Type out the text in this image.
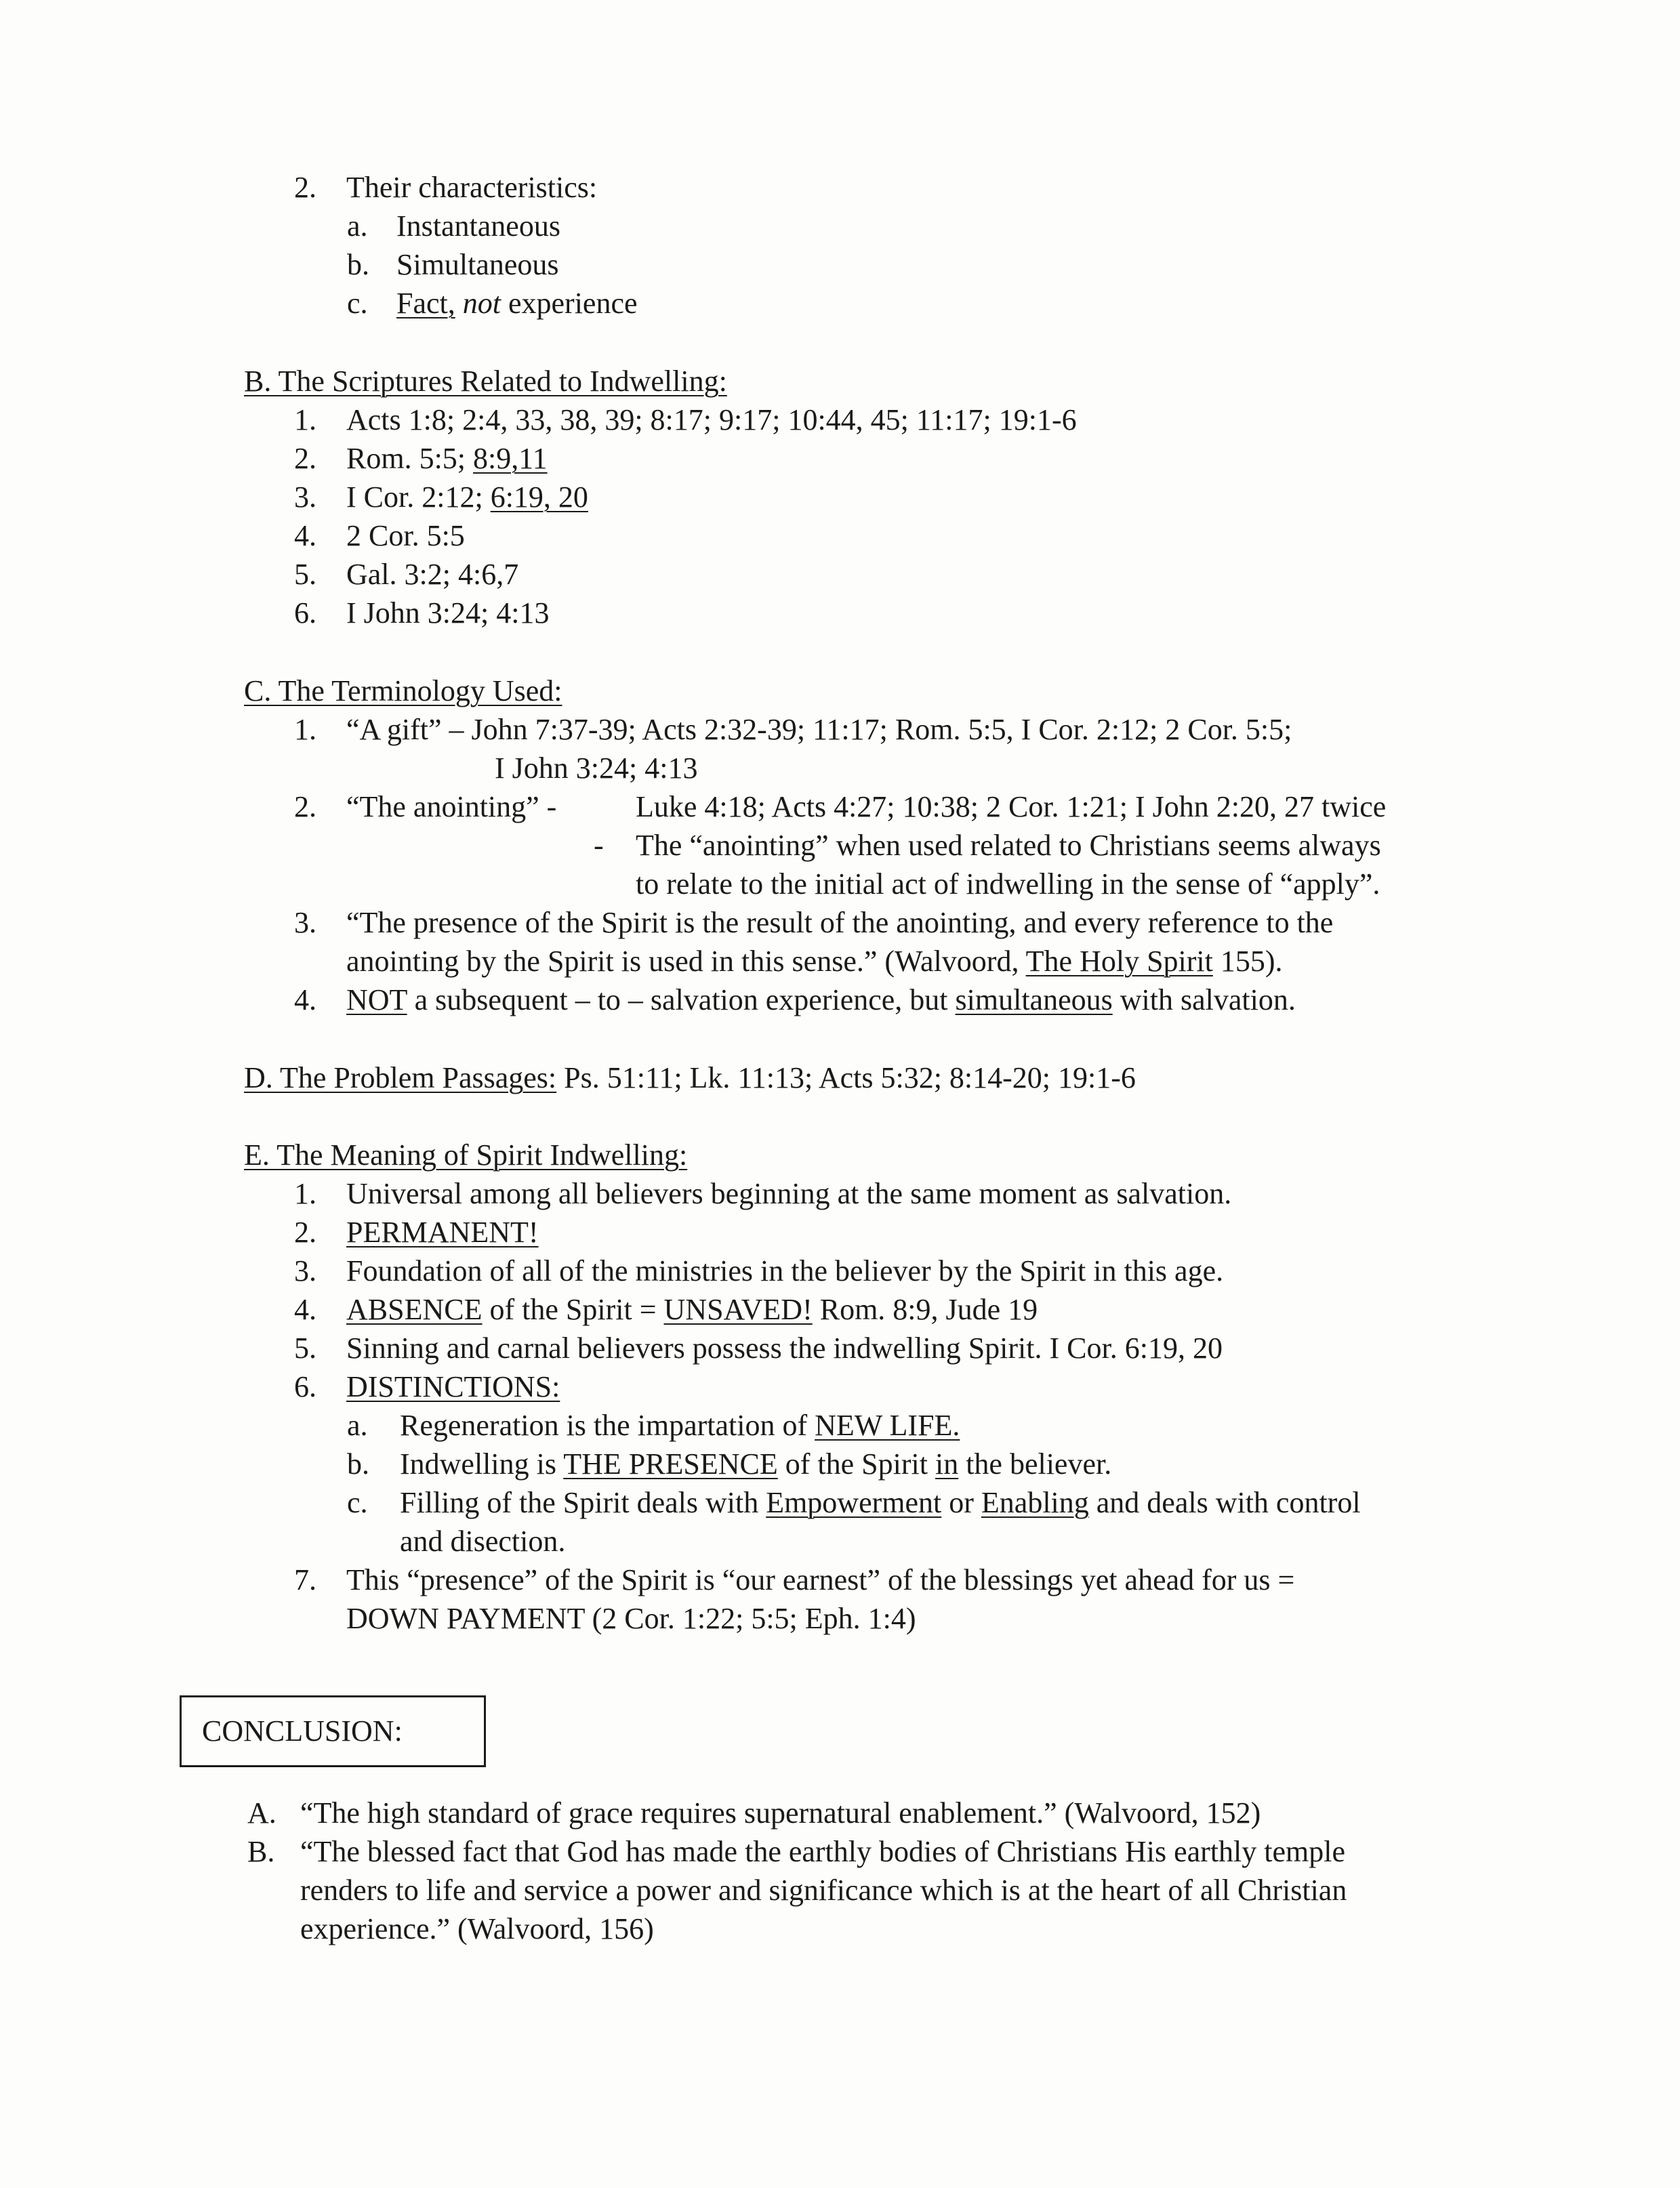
2. Their characteristics:
a. Instantaneous
b. Simultaneous
c. Fact, not experience
B. The Scriptures Related to Indwelling:
1. Acts 1:8; 2:4, 33, 38, 39; 8:17; 9:17; 10:44, 45; 11:17; 19:1-6
2. Rom. 5:5; 8:9,11
3. I Cor. 2:12; 6:19, 20
4. 2 Cor. 5:5
5. Gal. 3:2; 4:6,7
6. I John 3:24; 4:13
C. The Terminology Used:
1. “A gift” – John 7:37-39; Acts 2:32-39; 11:17; Rom. 5:5, I Cor. 2:12; 2 Cor. 5:5;
I John 3:24; 4:13
2. “The anointing” -	Luke 4:18; Acts 4:27; 10:38; 2 Cor. 1:21; I John 2:20, 27 twice
- The “anointing” when used related to Christians seems always
to relate to the initial act of indwelling in the sense of “apply”.
3. “The presence of the Spirit is the result of the anointing, and every reference to the
anointing by the Spirit is used in this sense.” (Walvoord, The Holy Spirit 155).
4. NOT a subsequent – to – salvation experience, but simultaneous with salvation.
D. The Problem Passages: Ps. 51:11; Lk. 11:13; Acts 5:32; 8:14-20; 19:1-6
E. The Meaning of Spirit Indwelling:
1. Universal among all believers beginning at the same moment as salvation.
2. PERMANENT!
3. Foundation of all of the ministries in the believer by the Spirit in this age.
4. ABSENCE of the Spirit = UNSAVED! Rom. 8:9, Jude 19
5. Sinning and carnal believers possess the indwelling Spirit. I Cor. 6:19, 20
6. DISTINCTIONS:
a. Regeneration is the impartation of NEW LIFE.
b. Indwelling is THE PRESENCE of the Spirit in the believer.
c. Filling of the Spirit deals with Empowerment or Enabling and deals with control
and disection.
7. This “presence” of the Spirit is “our earnest” of the blessings yet ahead for us =
DOWN PAYMENT (2 Cor. 1:22; 5:5; Eph. 1:4)
CONCLUSION:
A. “The high standard of grace requires supernatural enablement.” (Walvoord, 152)
B. “The blessed fact that God has made the earthly bodies of Christians His earthly temple
renders to life and service a power and significance which is at the heart of all Christian
experience.” (Walvoord, 156)
